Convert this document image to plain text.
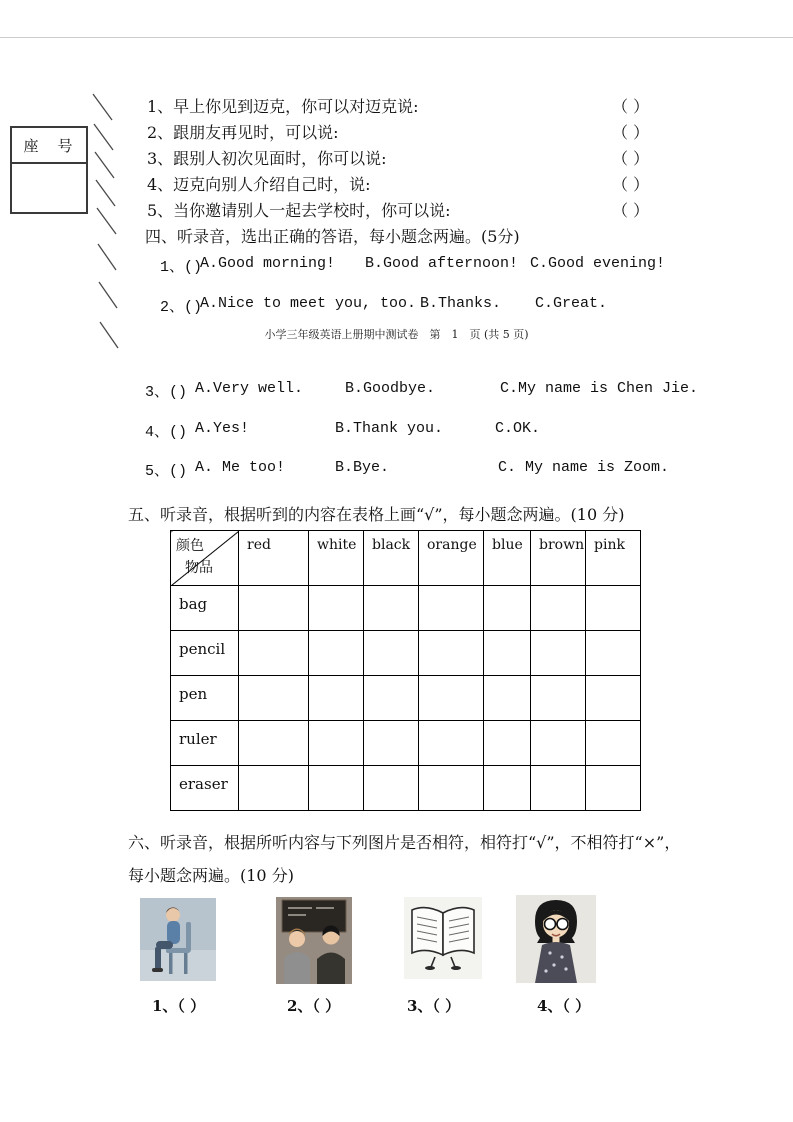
座　号
1、早上你见到迈克，你可以对迈克说:	（ ）
2、跟朋友再见时，可以说:	（ ）
3、跟别人初次见面时，你可以说:	（ ）
4、迈克向别人介绍自己时，说:	（ ）
5、当你邀请别人一起去学校时，你可以说:	（ ）
四、听录音，选出正确的答语，每小题念两遍。(5分)
1、()
A.Good morning! B.Good afternoon! C.Good evening!
2、()
A.Nice to meet you, too. B.Thanks. C.Great.
小学三年级英语上册期中测试卷　第　1　页 (共 5 页)
3、() A.Very well.	B.Goodbye.	C.My name is Chen Jie.
4、() A.Yes!	B.Thank you.	C.OK.
5、() A. Me too!	B.Bye.	C. My name is Zoom.
五、听录音，根据听到的内容在表格上画“√”，每小题念两遍。(10 分)
颜色
物品	red	white	black	orange	blue	brown	pink
bag							
pencil							
pen							
ruler							
eraser							
六、听录音，根据所听内容与下列图片是否相符，相符打“√”，不相符打“×”，
每小题念两遍。(10 分)
1、（ ）	2、（ ）	3、（ ）	4、（ ）
